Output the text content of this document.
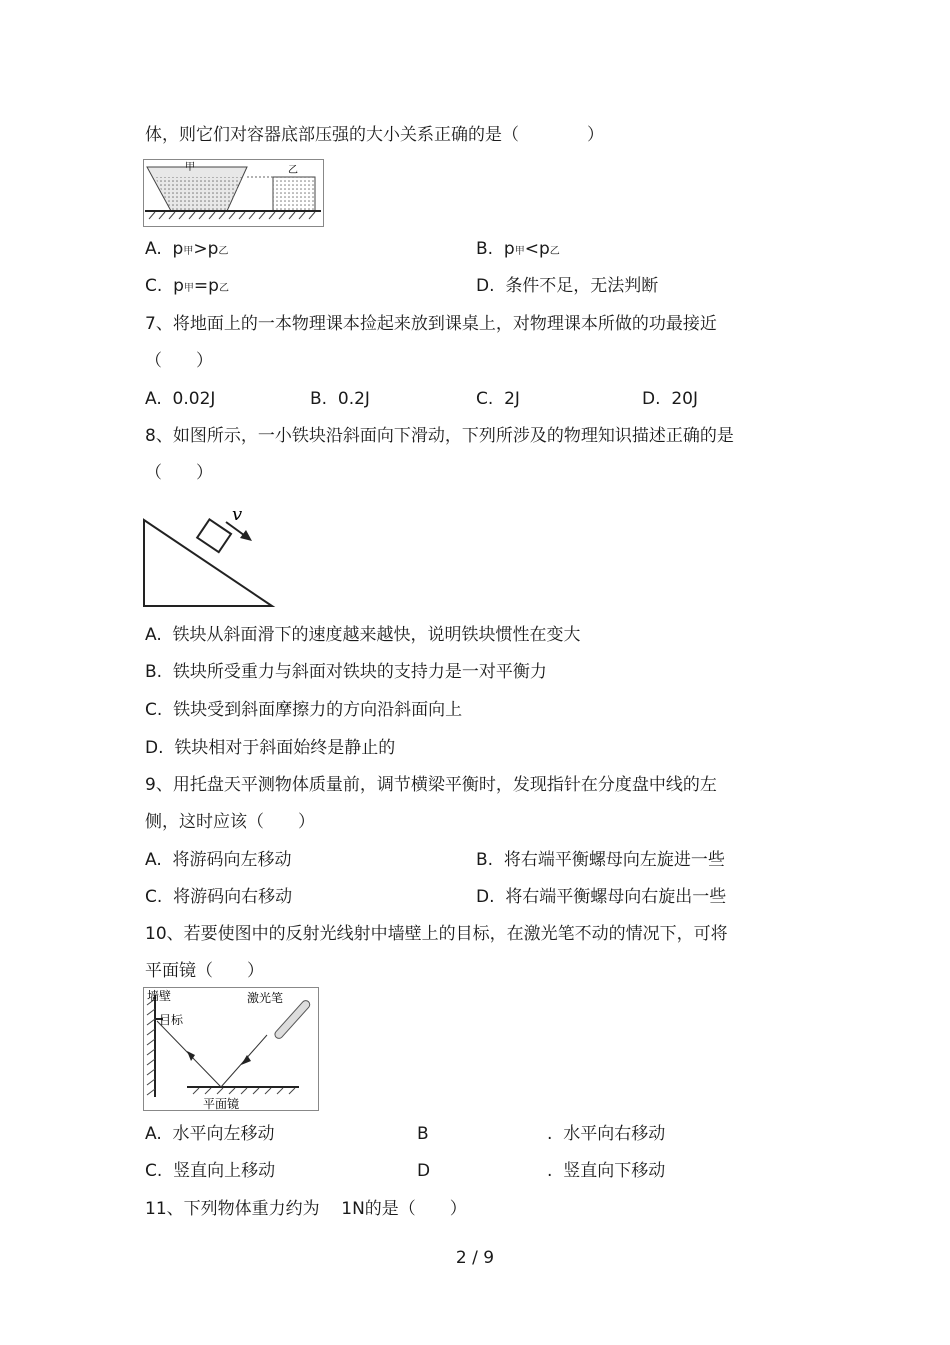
体，则它们对容器底部压强的大小关系正确的是（　　　　）
甲	乙
A. p甲>p乙	B. p甲<p乙
C. p甲=p乙	D. 条件不足，无法判断
7、将地面上的一本物理课本捡起来放到课桌上，对物理课本所做的功最接近
（　　）
A. 0.02J	B. 0.2J	C. 2J	D. 20J
8、如图所示，一小铁块沿斜面向下滑动，下列所涉及的物理知识描述正确的是
（　　）
v
A. 铁块从斜面滑下的速度越来越快，说明铁块惯性在变大
B. 铁块所受重力与斜面对铁块的支持力是一对平衡力
C. 铁块受到斜面摩擦力的方向沿斜面向上
D. 铁块相对于斜面始终是静止的
9、用托盘天平测物体质量前，调节横梁平衡时，发现指针在分度盘中线的左
侧，这时应该（　　）
A. 将游码向左移动	B. 将右端平衡螺母向左旋进一些
C. 将游码向右移动	D. 将右端平衡螺母向右旋出一些
10、若要使图中的反射光线射中墙壁上的目标，在激光笔不动的情况下，可将
平面镜（　　）
墙壁
目标
激光笔
平面镜
A. 水平向左移动	B	. 水平向右移动
C. 竖直向上移动	D	. 竖直向下移动
11、下列物体重力约为 1N的是（　　）
2 / 9
